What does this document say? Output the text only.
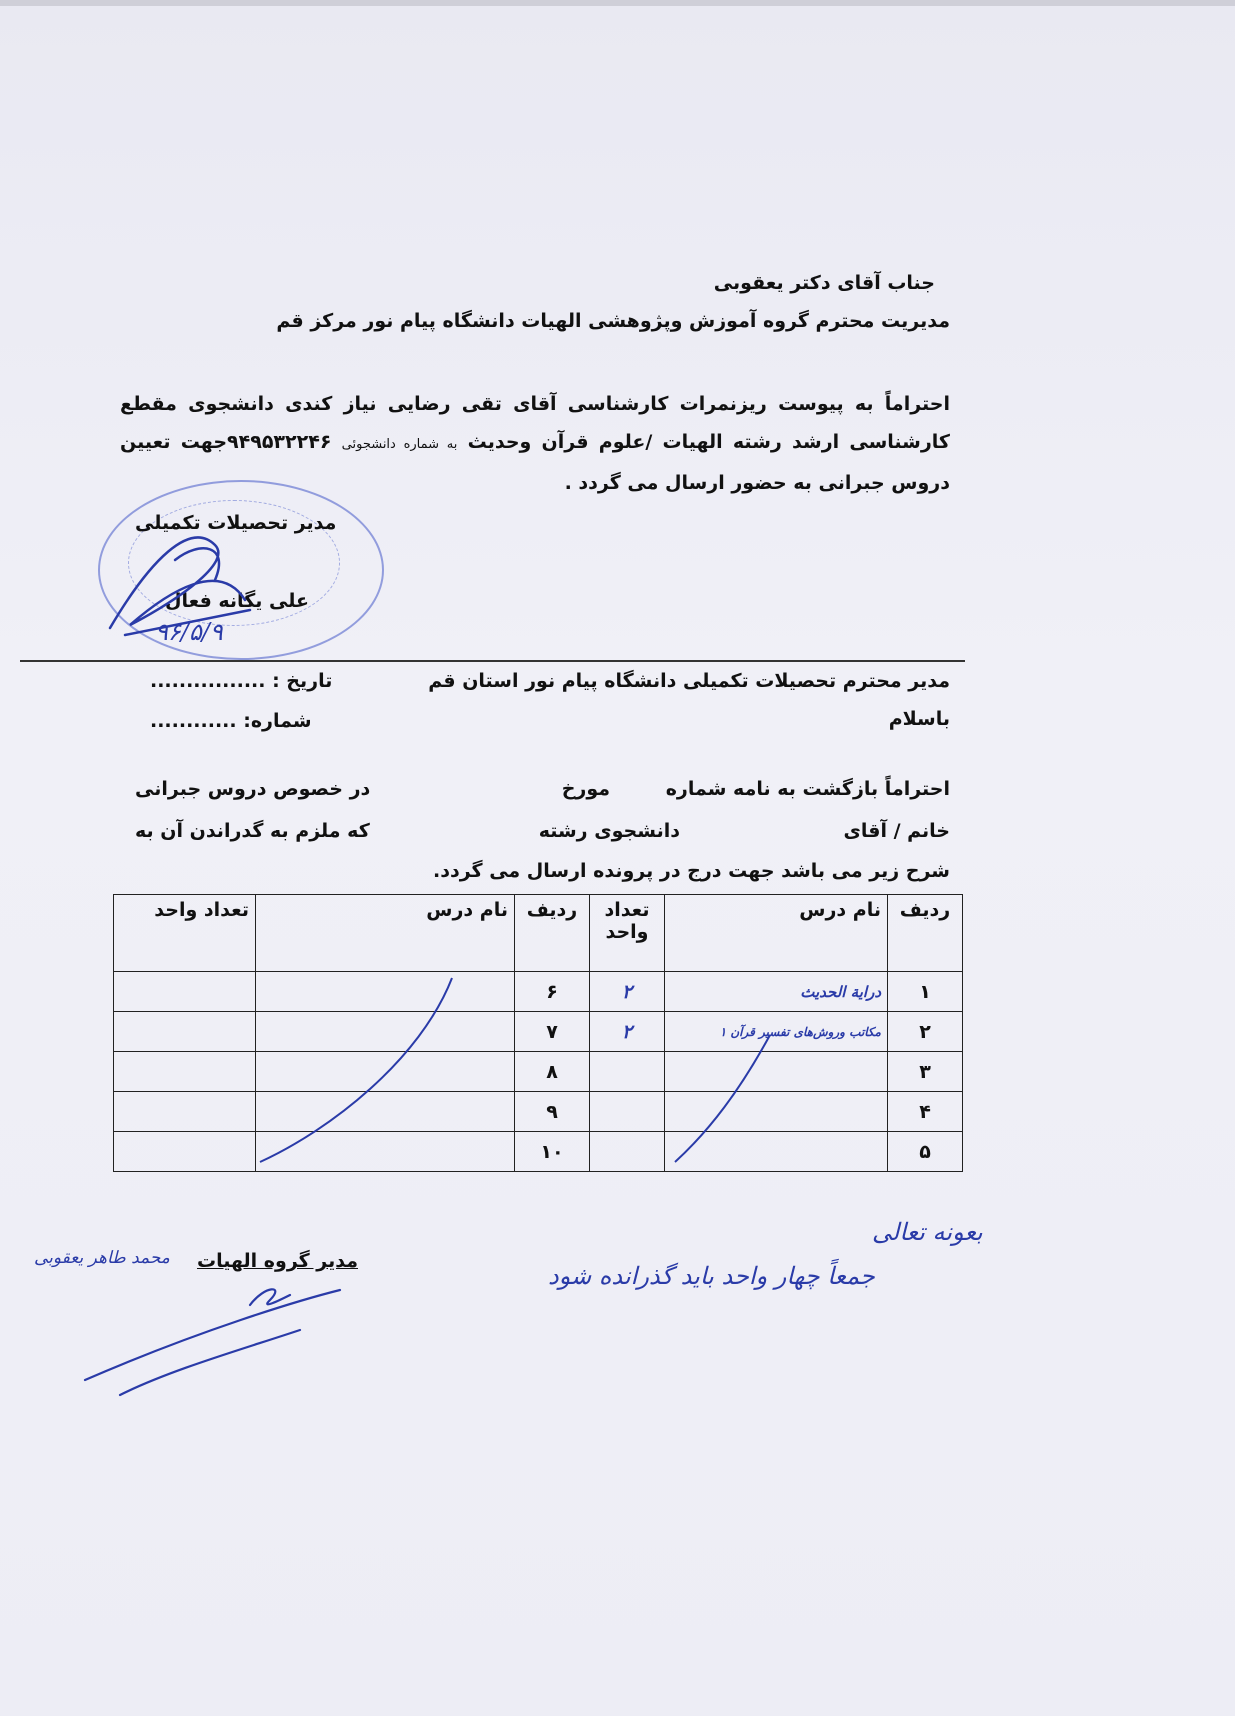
جناب آقای دکتر یعقوبی
مدیریت محترم گروه آموزش وپژوهشی الهیات دانشگاه پیام نور مرکز قم
احتراماً به پیوست ریزنمرات کارشناسی آقای تقی رضایی نیاز کندی دانشجوی مقطع کارشناسی ارشد رشته الهیات /علوم قرآن وحدیث به شماره دانشجوئی ۹۴۹۵۳۲۲۴۶جهت تعیین دروس جبرانی به حضور ارسال می گردد .
مدیر تحصیلات تکمیلی
علی یگانه فعال
تاریخ : ................
شماره: ............
مدیر محترم تحصیلات تکمیلی دانشگاه پیام نور استان قم
باسلام
احتراماً بازگشت به نامه شماره
مورخ
در خصوص دروس جبرانی
خانم / آقای
دانشجوی رشته
که ملزم به گدراندن آن به
شرح زیر می باشد جهت درج در پرونده ارسال می گردد.
ردیف	نام درس	تعداد واحد	ردیف	نام درس	تعداد واحد
۱	درایة الحدیث	۲	۶		
۲	مکاتب وروش‌های تفسیر قرآن ۱	۲	۷		
۳			۸		
۴			۹		
۵			۱۰		
مدیر گروه الهیات
محمد طاهر یعقوبی
بعونه تعالی
جمعاً چهار واحد باید گذرانده شود
۹۶/۵/۹
